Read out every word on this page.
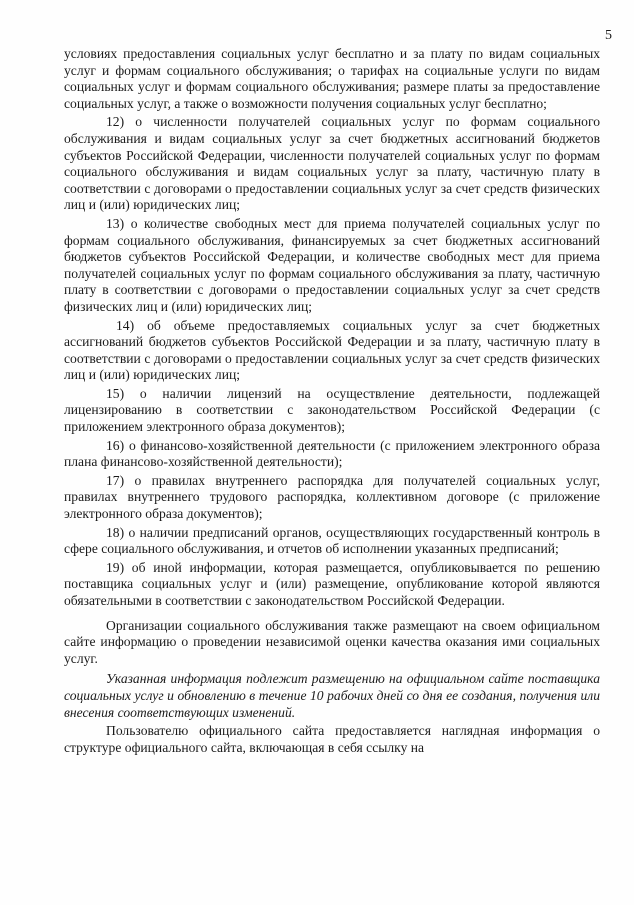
5

условиях предоставления социальных услуг бесплатно и за плату по видам социальных услуг и формам социального обслуживания; о тарифах на социальные услуги по видам социальных услуг и формам социального обслуживания; размере платы за предоставление социальных услуг, а также о возможности получения социальных услуг бесплатно;

12) о численности получателей социальных услуг по формам социального обслуживания и видам социальных услуг за счет бюджетных ассигнований бюджетов субъектов Российской Федерации, численности получателей социальных услуг по формам социального обслуживания и видам социальных услуг за плату, частичную плату в соответствии с договорами о предоставлении социальных услуг за счет средств физических лиц и (или) юридических лиц;

13) о количестве свободных мест для приема получателей социальных услуг по формам социального обслуживания, финансируемых за счет бюджетных ассигнований бюджетов субъектов Российской Федерации, и количестве свободных мест для приема получателей социальных услуг по формам социального обслуживания за плату, частичную плату в соответствии с договорами о предоставлении социальных услуг за счет средств физических лиц и (или) юридических лиц;

14) об объеме предоставляемых социальных услуг за счет бюджетных ассигнований бюджетов субъектов Российской Федерации и за плату, частичную плату в соответствии с договорами о предоставлении социальных услуг за счет средств физических лиц и (или) юридических лиц;

15) о наличии лицензий на осуществление деятельности, подлежащей лицензированию в соответствии с законодательством Российской Федерации (с приложением электронного образа документов);

16) о финансово-хозяйственной деятельности (с приложением электронного образа плана финансово-хозяйственной деятельности);

17) о правилах внутреннего распорядка для получателей социальных услуг, правилах внутреннего трудового распорядка, коллективном договоре (с приложение электронного образа документов);

18) о наличии предписаний органов, осуществляющих государственный контроль в сфере социального обслуживания, и отчетов об исполнении указанных предписаний;

19) об иной информации, которая размещается, опубликовывается по решению поставщика социальных услуг и (или) размещение, опубликование которой являются обязательными в соответствии с законодательством Российской Федерации.

Организации социального обслуживания также размещают на своем официальном сайте информацию о проведении независимой оценки качества оказания ими социальных услуг.

Указанная информация подлежит размещению на официальном сайте поставщика социальных услуг и обновлению в течение 10 рабочих дней со дня ее создания, получения или внесения соответствующих изменений.

Пользователю официального сайта предоставляется наглядная информация о структуре официального сайта, включающая в себя ссылку на
